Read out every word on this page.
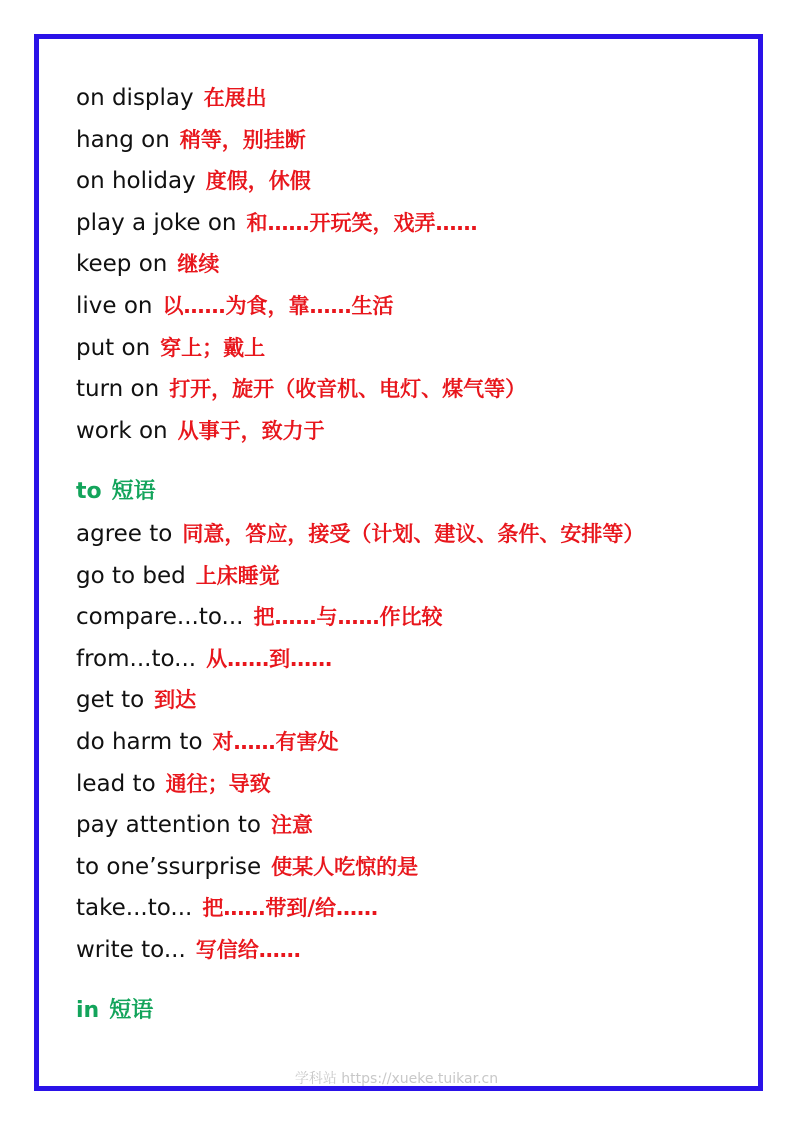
on display 在展出
hang on 稍等，别挂断
on holiday 度假，休假
play a joke on 和……开玩笑，戏弄……
keep on 继续
live on 以……为食，靠……生活
put on 穿上；戴上
turn on 打开，旋开（收音机、电灯、煤气等）
work on 从事于，致力于
to 短语
agree to 同意，答应，接受（计划、建议、条件、安排等）
go to bed 上床睡觉
compare...to... 把……与……作比较
from...to... 从……到……
get to 到达
do harm to 对……有害处
lead to 通往；导致
pay attention to 注意
to one’ssurprise 使某人吃惊的是
take...to... 把……带到/给……
write to... 写信给……
in 短语
学科站 https://xueke.tuikar.cn
